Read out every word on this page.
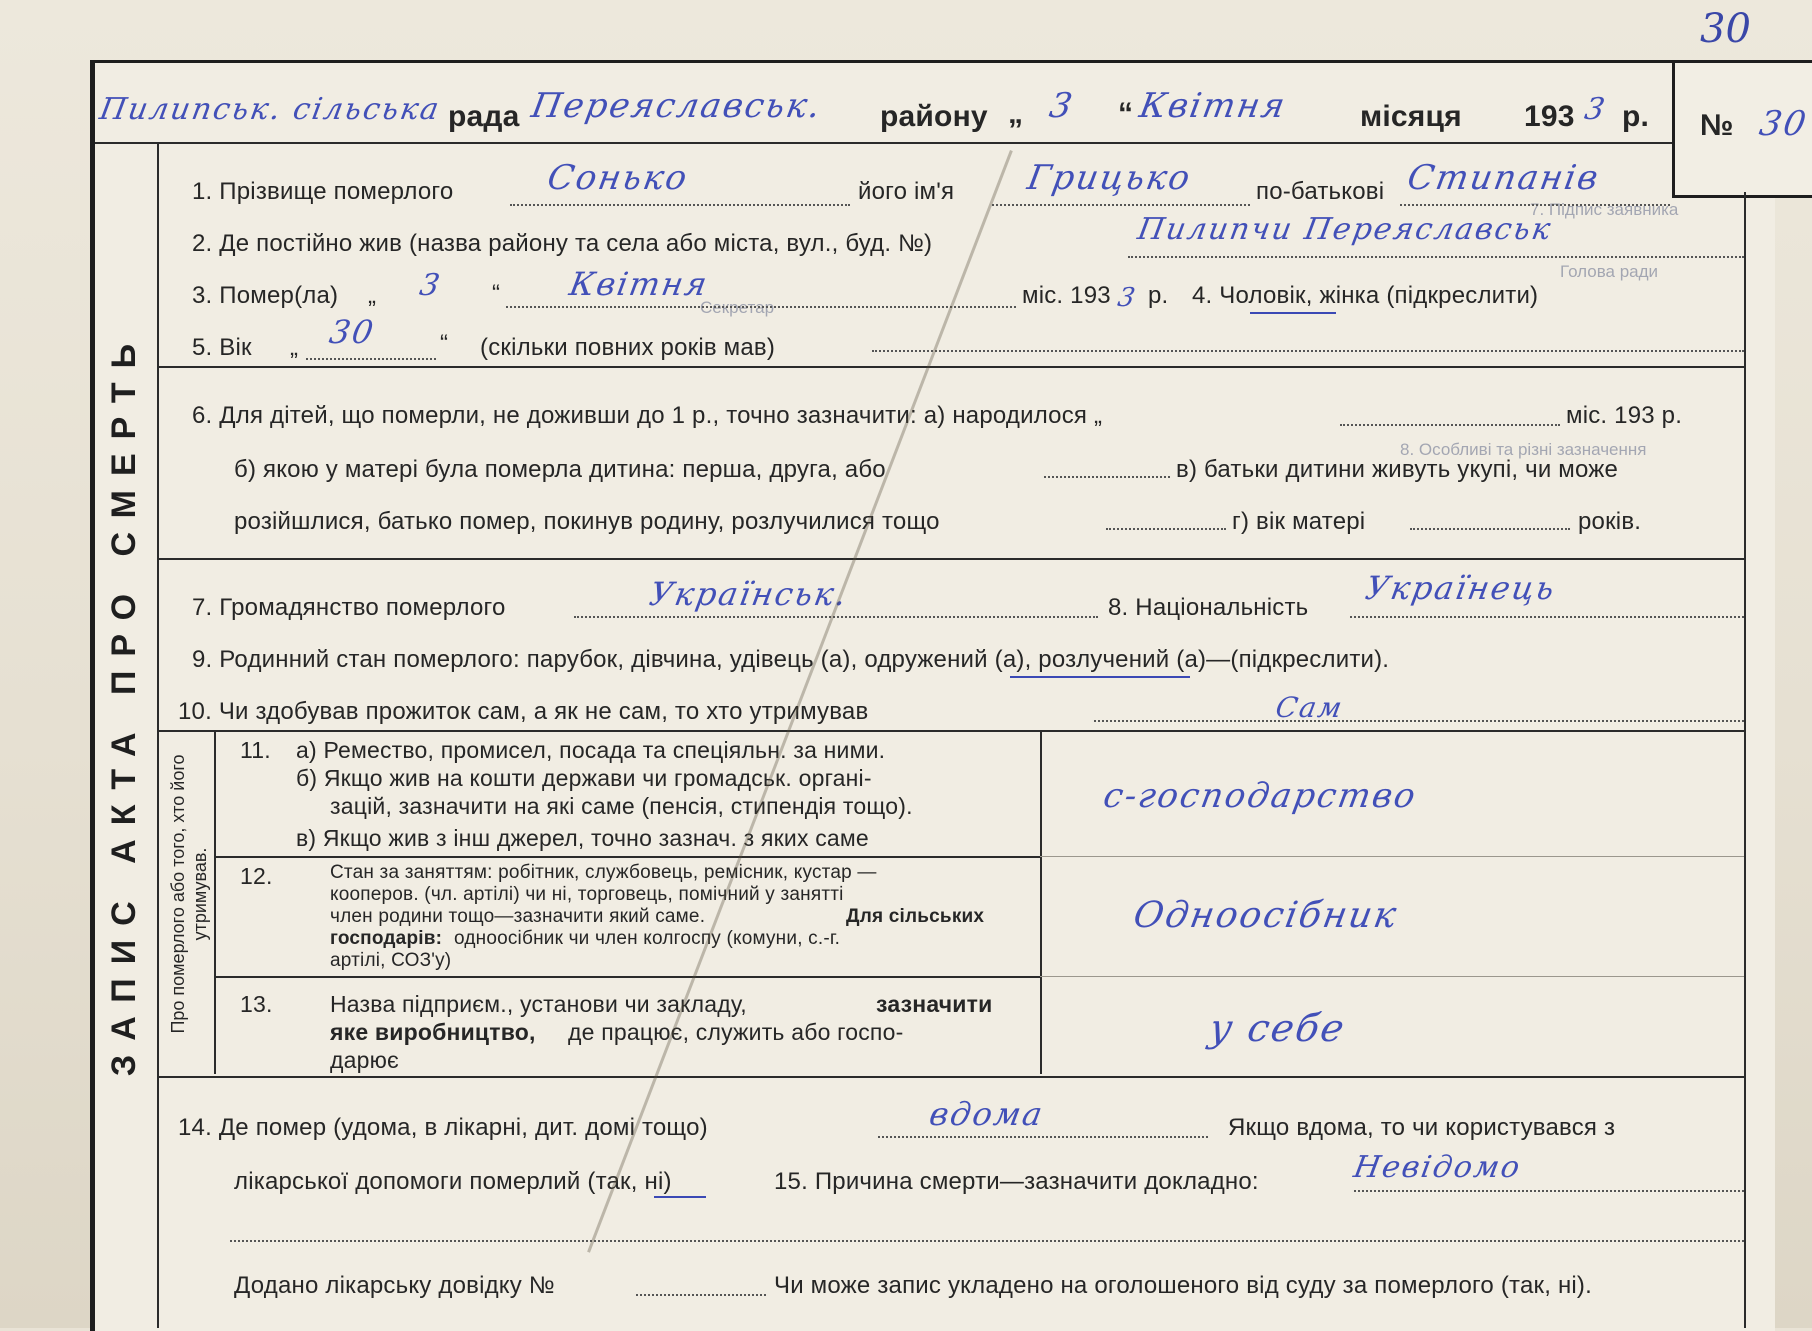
30
7. Підпис заявника
Голова ради
Секретар
8. Особливі та різні зазначення
Пилипськ. сільська рада Переяславськ. району „ 3 “ Квітня місяця 193 3 р. № 30
ЗАПИС АКТА ПРО СМЕРТЬ
1. Прізвище померлого	Сонько	його ім'я Грицько	по-батькові Стипанів
2. Де постійно жив (назва району та села або міста, вул., буд. №)	Пилипчи Переяславськ
3. Помер(ла) „ 3 “ Квітня	міс. 193 3 р. 4. Чоловік, жінка (підкреслити)
5. Вік „ 30	“ (скільки повних років мав)
6. Для дітей, що померли, не доживши до 1 р., точно зазначити: а) народилося „	міс. 193 р.
б) якою у матері була померла дитина: перша, друга, або	в) батьки дитини живуть укупі, чи може
розійшлися, батько помер, покинув родину, розлучилися тощо	г) вік матері	років.
7. Громадянство померлого	Українськ.	8. Національність
Українець
9. Родинний стан померлого: парубок, дівчина, удівець (а), одружений (а), розлучений (а)—(підкреслити).
10. Чи здобував прожиток сам, а як не сам, то хто утримував	Сам
Про померлого або того, хто його утримував.
11. а) Ремество, промисел, посада та спеціяльн. за ними.
б) Якщо жив на кошти держави чи громадськ. органі-
зацій, зазначити на які саме (пенсія, стипендія тощо).
в) Якщо жив з інш джерел, точно зазнач. з яких саме
с-господарство
12.	Стан за заняттям: робітник, службовець, ремісник, кустар —
кооперов. (чл. артілі) чи ні, торговець, помічний у занятті
член родини тощо—зазначити який саме.	Для сільських
господарів: одноосібник чи член колгоспу (комуни, с.-г.
артілі, СОЗ'у)
Одноосібник
13. Назва підприєм., установи чи закладу,	зазначити
яке виробництво, де працює, служить або госпо-
дарює
у себе
14. Де помер (удома, в лікарні, дит. домі тощо)	вдома	Якщо вдома, то чи користувався з
лікарської допомоги померлий (так, ні)	15. Причина смерти—зазначити докладно:	Невідомо
Додано лікарську довідку №	Чи може запис укладено на оголошеного від суду за померлого (так, ні).
